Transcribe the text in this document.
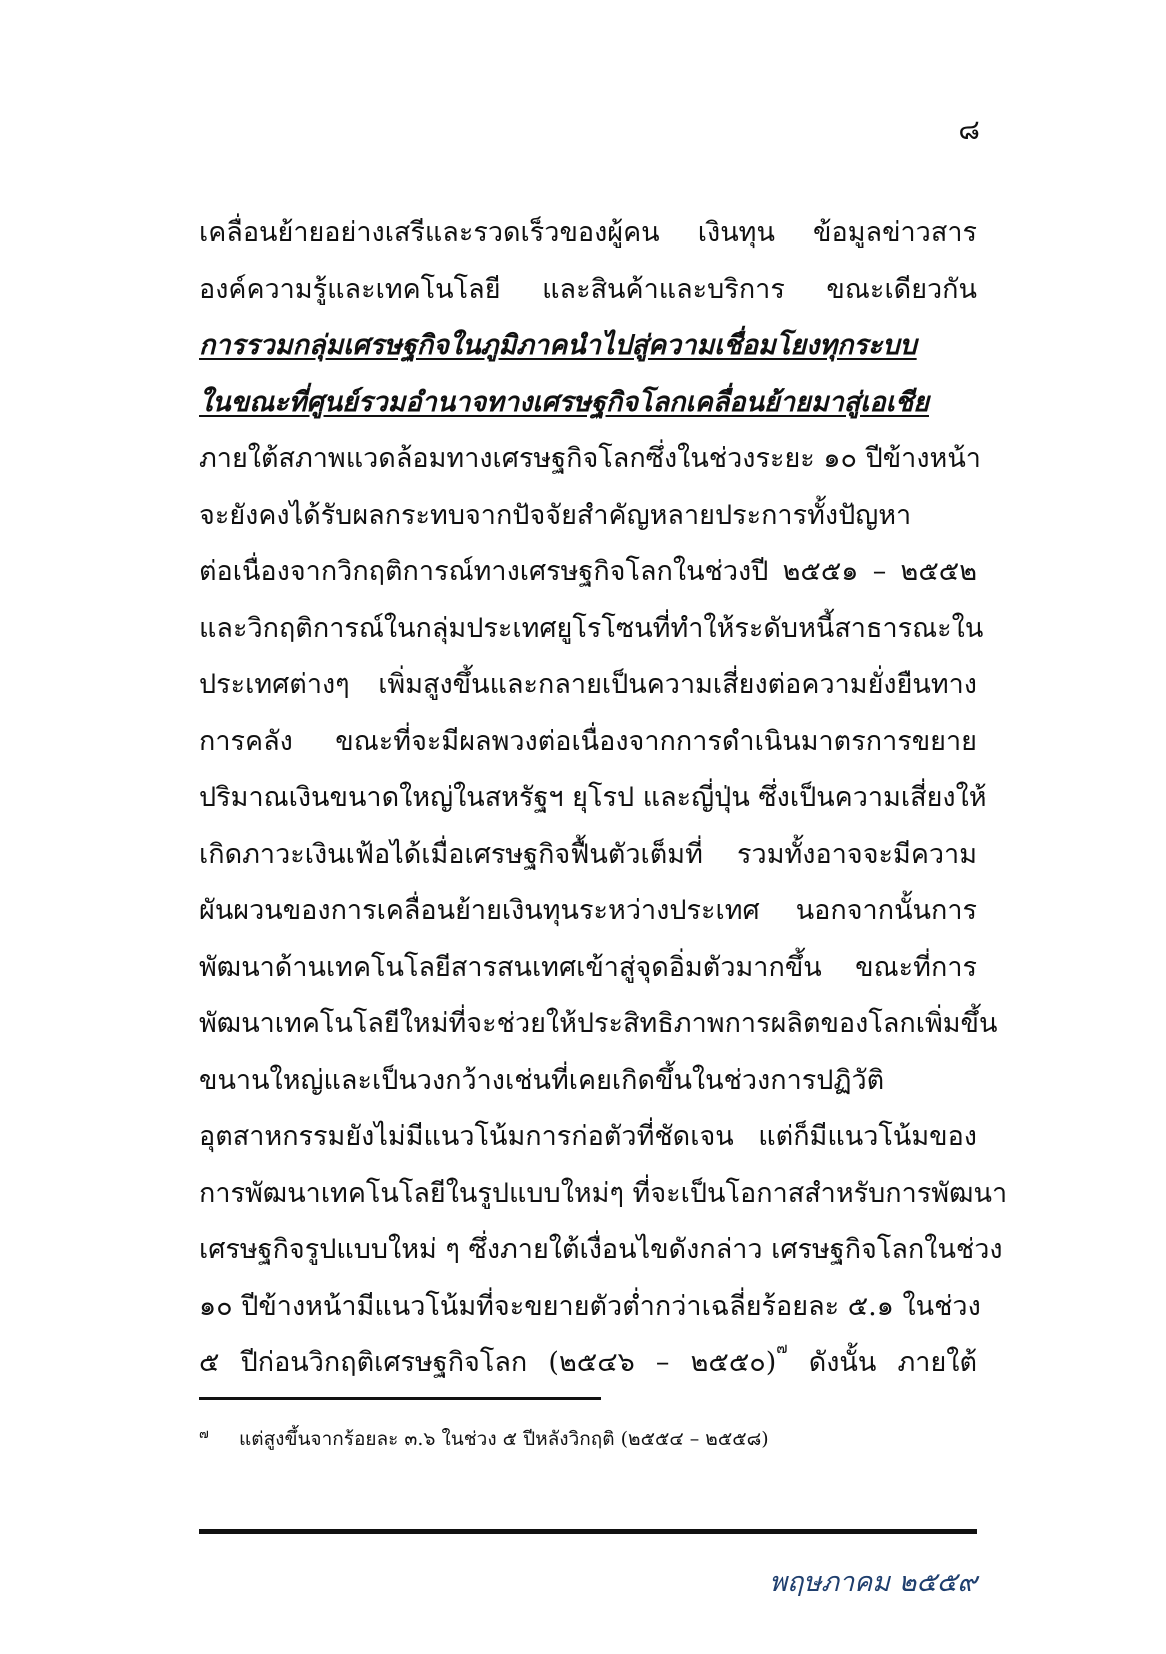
๘
เคลื่อนย้ายอย่างเสรีและรวดเร็วของผู้คน เงินทุน ข้อมูลข่าวสาร
องค์ความรู้และเทคโนโลยี และสินค้าและบริการ ขณะเดียวกัน
การรวมกลุ่มเศรษฐกิจในภูมิภาคนำไปสู่ความเชื่อมโยงทุกระบบ
ในขณะที่ศูนย์รวมอำนาจทางเศรษฐกิจโลกเคลื่อนย้ายมาสู่เอเชีย
ภายใต้สภาพแวดล้อมทางเศรษฐกิจโลกซึ่งในช่วงระยะ ๑๐ ปีข้างหน้า
จะยังคงได้รับผลกระทบจากปัจจัยสำคัญหลายประการทั้งปัญหา
ต่อเนื่องจากวิกฤติการณ์ทางเศรษฐกิจโลกในช่วงปี ๒๕๕๑ – ๒๕๕๒
และวิกฤติการณ์ในกลุ่มประเทศยูโรโซนที่ทำให้ระดับหนี้สาธารณะใน
ประเทศต่างๆ เพิ่มสูงขึ้นและกลายเป็นความเสี่ยงต่อความยั่งยืนทาง
การคลัง ขณะที่จะมีผลพวงต่อเนื่องจากการดำเนินมาตรการขยาย
ปริมาณเงินขนาดใหญ่ในสหรัฐฯ ยุโรป และญี่ปุ่น ซึ่งเป็นความเสี่ยงให้
เกิดภาวะเงินเฟ้อได้เมื่อเศรษฐกิจฟื้นตัวเต็มที่ รวมทั้งอาจจะมีความ
ผันผวนของการเคลื่อนย้ายเงินทุนระหว่างประเทศ นอกจากนั้นการ
พัฒนาด้านเทคโนโลยีสารสนเทศเข้าสู่จุดอิ่มตัวมากขึ้น ขณะที่การ
พัฒนาเทคโนโลยีใหม่ที่จะช่วยให้ประสิทธิภาพการผลิตของโลกเพิ่มขึ้น
ขนานใหญ่และเป็นวงกว้างเช่นที่เคยเกิดขึ้นในช่วงการปฏิวัติ
อุตสาหกรรมยังไม่มีแนวโน้มการก่อตัวที่ชัดเจน แต่ก็มีแนวโน้มของ
การพัฒนาเทคโนโลยีในรูปแบบใหม่ๆ ที่จะเป็นโอกาสสำหรับการพัฒนา
เศรษฐกิจรูปแบบใหม่ ๆ ซึ่งภายใต้เงื่อนไขดังกล่าว เศรษฐกิจโลกในช่วง
๑๐ ปีข้างหน้ามีแนวโน้มที่จะขยายตัวต่ำกว่าเฉลี่ยร้อยละ ๕.๑ ในช่วง
๕ ปีก่อนวิกฤติเศรษฐกิจโลก (๒๕๔๖ – ๒๕๕๐)$^๗$ ดังนั้น ภายใต้
๗ แต่สูงขึ้นจากร้อยละ ๓.๖ ในช่วง ๕ ปีหลังวิกฤติ (๒๕๕๔ – ๒๕๕๘)
พฤษภาคม ๒๕๕๙
